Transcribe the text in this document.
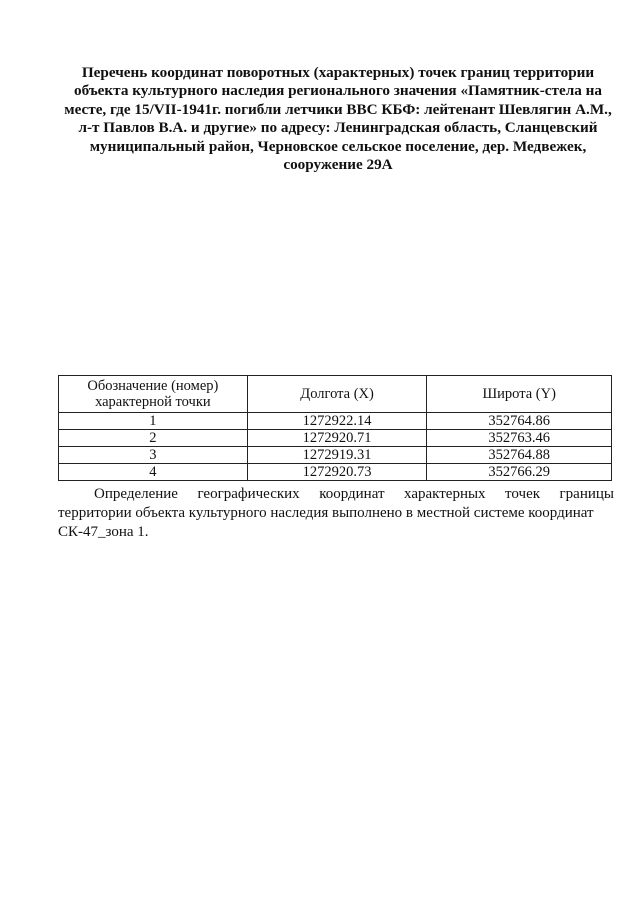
Перечень координат поворотных (характерных) точек границ территории
объекта культурного наследия регионального значения «Памятник-стела на
месте, где 15/VII-1941г. погибли летчики ВВС КБФ: лейтенант Шевлягин А.М.,
л-т Павлов В.А. и другие» по адресу: Ленинградская область, Сланцевский
муниципальный район, Черновское сельское поселение, дер. Медвежек,
сооружение 29А
Обозначение (номер)
характерной точки	Долгота (X)	Широта (Y)
1	1272922.14	352764.86
2	1272920.71	352763.46
3	1272919.31	352764.88
4	1272920.73	352766.29
Определение географических координат характерных точек границы
территории объекта культурного наследия выполнено в местной системе координат
СК-47_зона 1.
